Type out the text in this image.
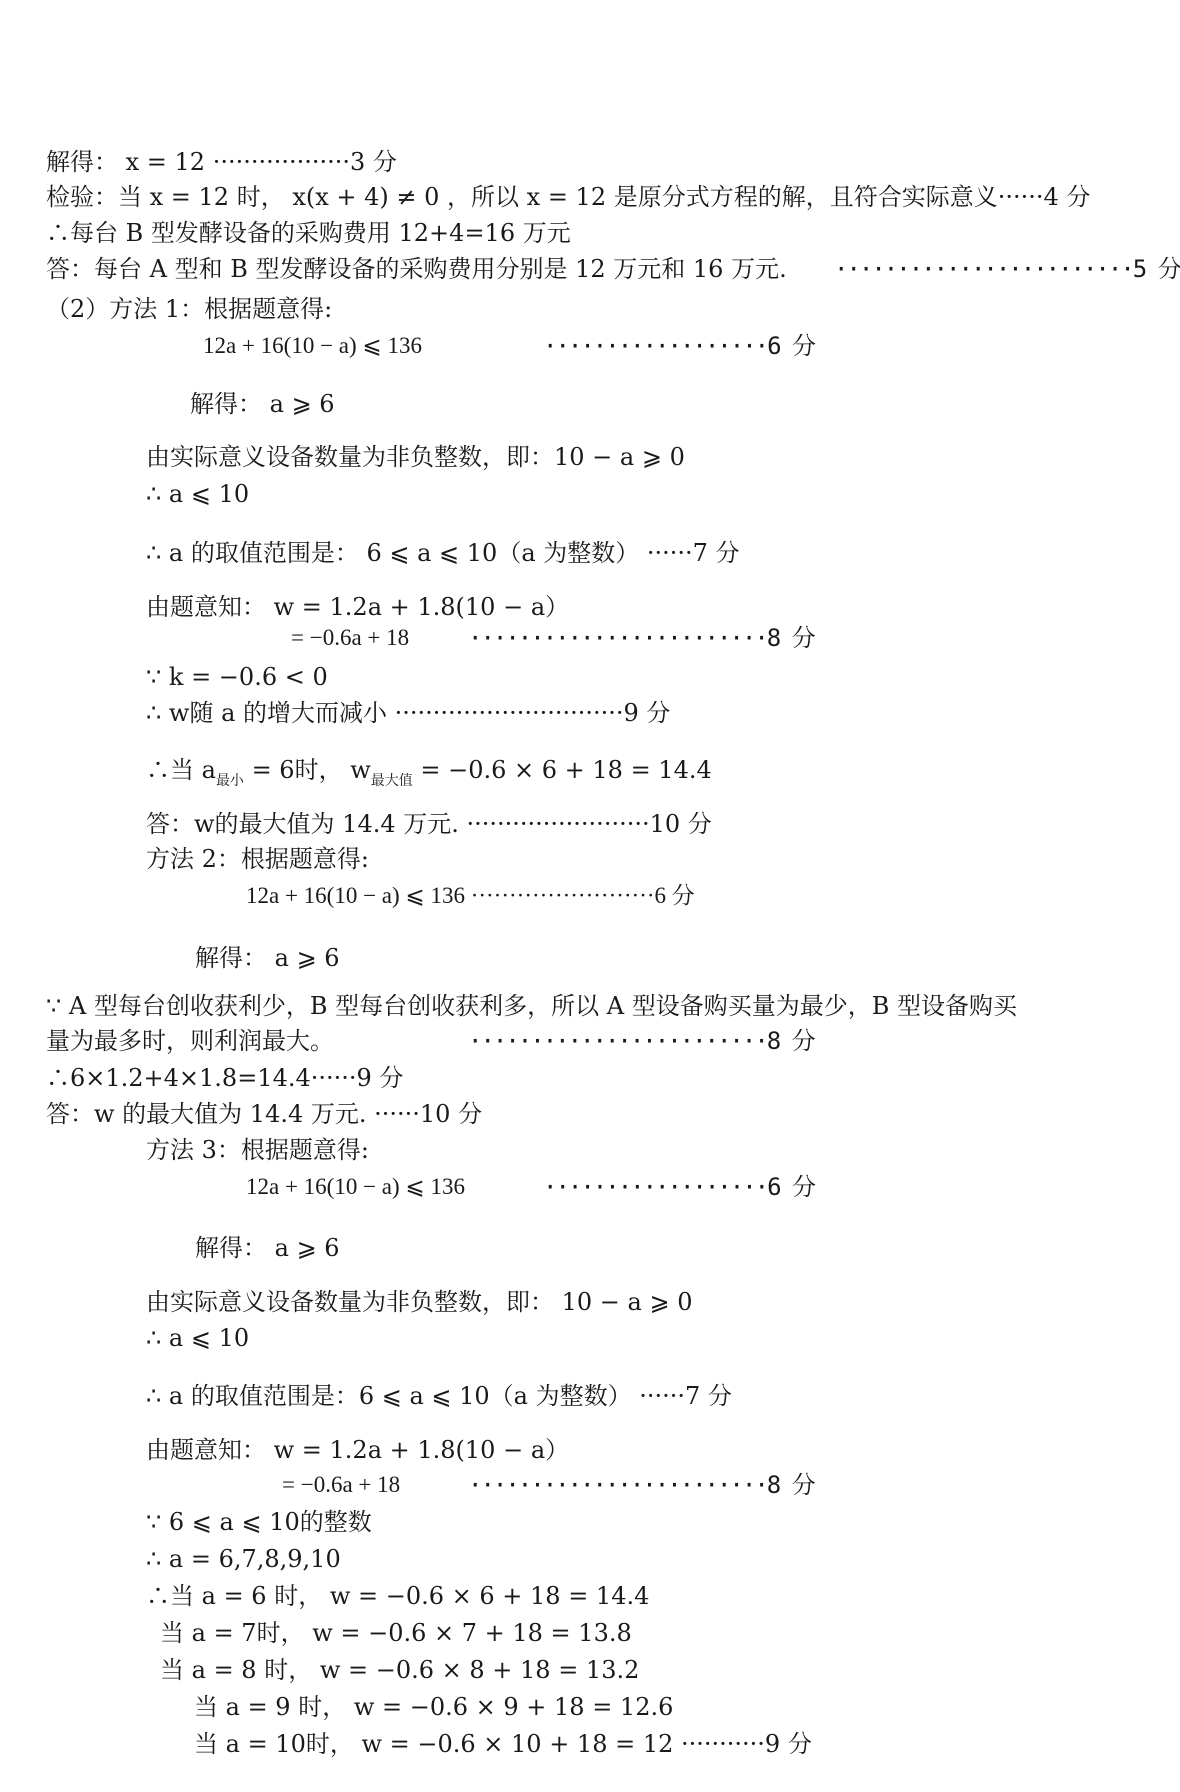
解得： x = 12 ··················3 分
检验：当 x = 12 时， x(x + 4) ≠ 0 ，所以 x = 12 是原分式方程的解，且符合实际意义······4 分
∴每台 B 型发酵设备的采购费用 12+4=16 万元
答：每台 A 型和 B 型发酵设备的采购费用分别是 12 万元和 16 万元. ························5 分
（2）方法 1：根据题意得:
12a + 16(10 − a) ⩽ 136	··················6 分
解得： a ⩾ 6
由实际意义设备数量为非负整数，即：10 − a ⩾ 0
∴ a ⩽ 10
∴ a 的取值范围是： 6 ⩽ a ⩽ 10（a 为整数） ······7 分
由题意知： w = 1.2a + 1.8(10 − a）
= −0.6a + 18 ························8 分
∵ k = −0.6 < 0
∴ w随 a 的增大而减小 ······························9 分
∴当 $a_{最小} = 6$时， $w_{最大值} = -0.6 \times 6 + 18 = 14.4$
答：w的最大值为 14.4 万元. ························10 分
方法 2：根据题意得:
12a + 16(10 − a) ⩽ 136 ························6 分
解得： a ⩾ 6
∵ A 型每台创收获利少，B 型每台创收获利多，所以 A 型设备购买量为最少，B 型设备购买
量为最多时，则利润最大。	························8 分
∴6×1.2+4×1.8=14.4······9 分
答：w 的最大值为 14.4 万元. ······10 分
方法 3：根据题意得:
12a + 16(10 − a) ⩽ 136	··················6 分
解得： a ⩾ 6
由实际意义设备数量为非负整数，即： 10 − a ⩾ 0
∴ a ⩽ 10
∴ a 的取值范围是：6 ⩽ a ⩽ 10（a 为整数） ······7 分
由题意知： w = 1.2a + 1.8(10 − a）
= −0.6a + 18	························8 分
∵ 6 ⩽ a ⩽ 10的整数
∴ a = 6,7,8,9,10
∴当 a = 6 时， w = −0.6 × 6 + 18 = 14.4
当 a = 7时， w = −0.6 × 7 + 18 = 13.8
当 a = 8 时， w = −0.6 × 8 + 18 = 13.2
当 a = 9 时， w = −0.6 × 9 + 18 = 12.6
当 a = 10时， w = −0.6 × 10 + 18 = 12 ···········9 分
